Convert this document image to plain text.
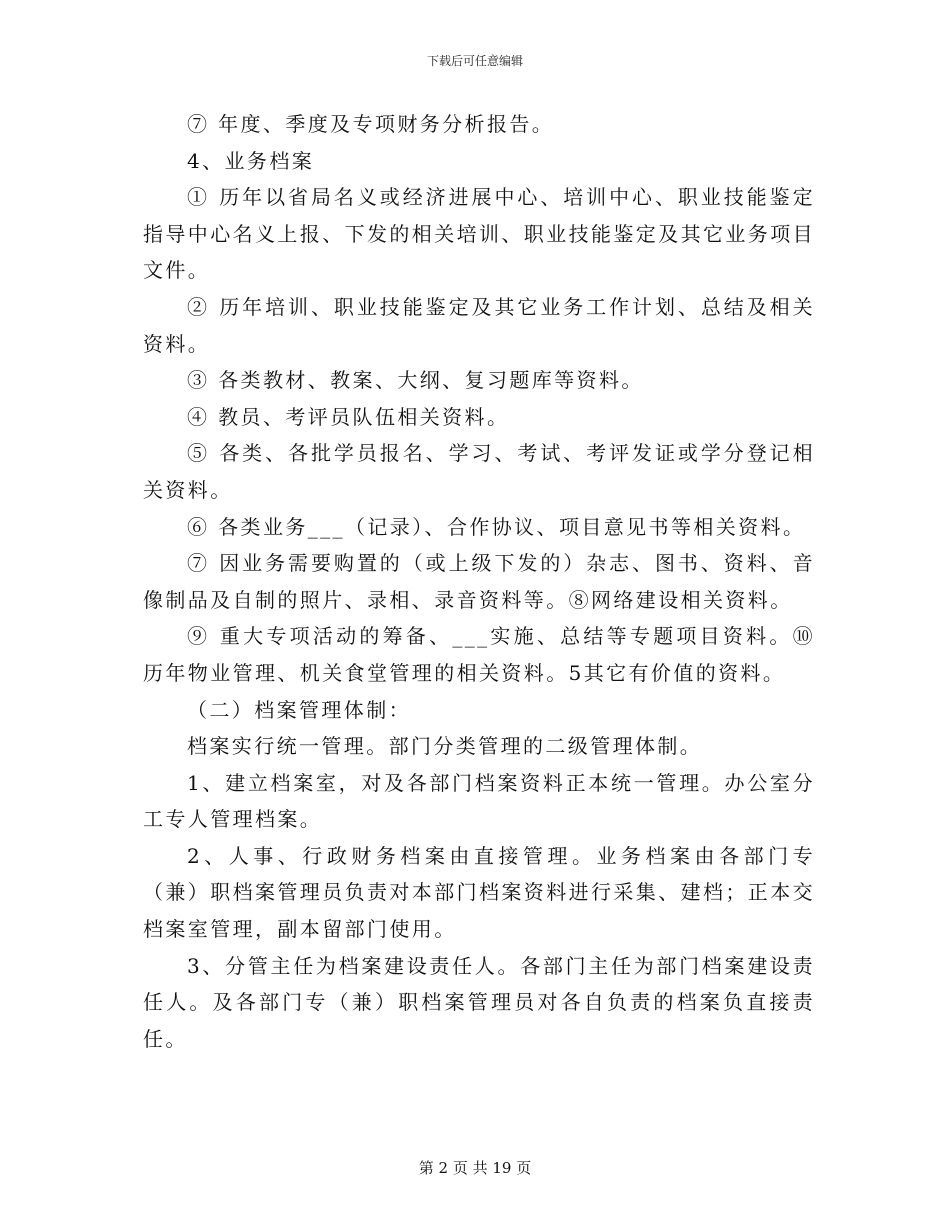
下载后可任意编辑

⑦ 年度、季度及专项财务分析报告。

4、业务档案

① 历年以省局名义或经济进展中心、培训中心、职业技能鉴定指导中心名义上报、下发的相关培训、职业技能鉴定及其它业务项目文件。

② 历年培训、职业技能鉴定及其它业务工作计划、总结及相关资料。

③ 各类教材、教案、大纲、复习题库等资料。

④ 教员、考评员队伍相关资料。

⑤ 各类、各批学员报名、学习、考试、考评发证或学分登记相关资料。

⑥ 各类业务___（记录）、合作协议、项目意见书等相关资料。

⑦ 因业务需要购置的（或上级下发的）杂志、图书、资料、音像制品及自制的照片、录相、录音资料等。⑧网络建设相关资料。

⑨ 重大专项活动的筹备、___实施、总结等专题项目资料。⑩历年物业管理、机关食堂管理的相关资料。5其它有价值的资料。

（二）档案管理体制：

档案实行统一管理。部门分类管理的二级管理体制。

1、建立档案室，对及各部门档案资料正本统一管理。办公室分工专人管理档案。

2、人事、行政财务档案由直接管理。业务档案由各部门专（兼）职档案管理员负责对本部门档案资料进行采集、建档；正本交档案室管理，副本留部门使用。

3、分管主任为档案建设责任人。各部门主任为部门档案建设责任人。及各部门专（兼）职档案管理员对各自负责的档案负直接责任。

第 2 页 共 19 页
